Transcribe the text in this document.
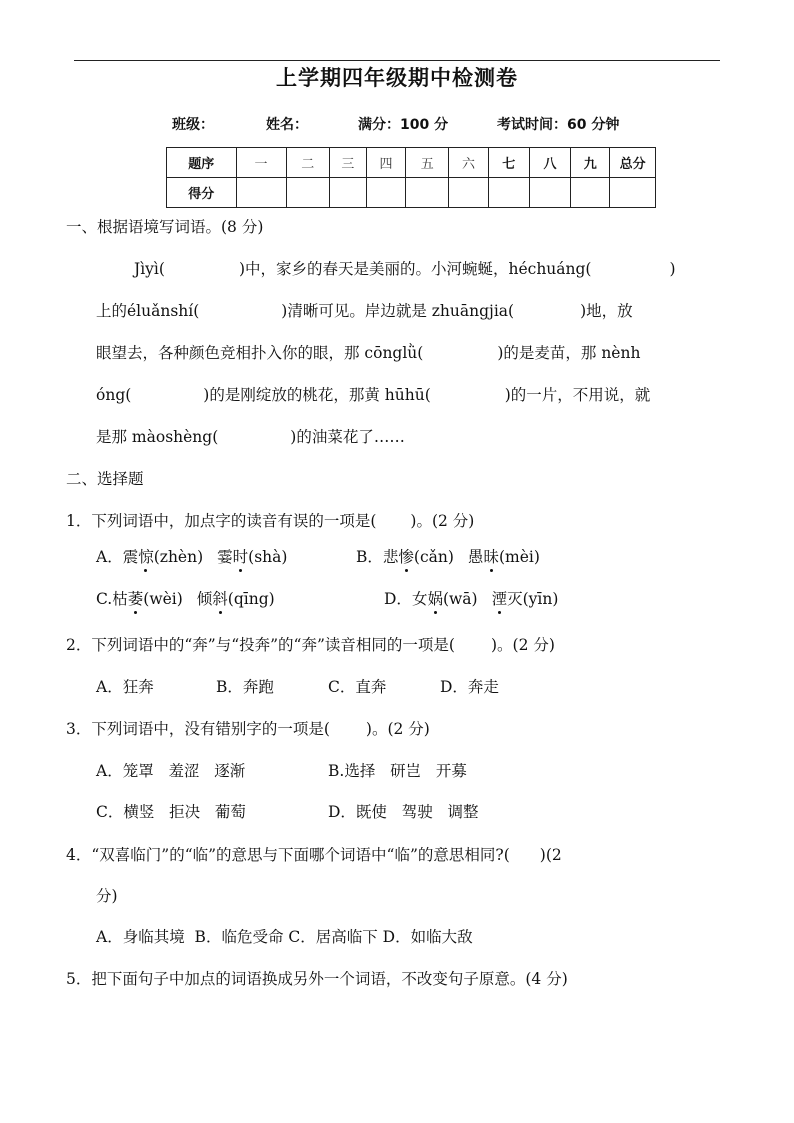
上学期四年级期中检测卷
班级：	姓名：	满分：100 分	考试时间：60 分钟
题序	一	二	三	四	五	六	七	八	九	总分
得分										
一、根据语境写词语。(8 分)
Jìyì(	)中，家乡的春天是美丽的。小河蜿蜒，héchuáng(	)
上的éluǎnshí(	)清晰可见。岸边就是 zhuāngjia(	)地，放
眼望去，各种颜色竞相扑入你的眼，那 cōnglǜ(	)的是麦苗，那 nènh
óng(	)的是刚绽放的桃花，那黄 hūhū(	)的一片，不用说，就
是那 màoshèng(	)的油菜花了……
二、选择题
1．下列词语中，加点字的读音有误的一项是( )。(2 分)
A．震惊(zhèn) 霎时(shà)	B．悲惨(cǎn) 愚昧(mèi)
C.枯萎(wèi) 倾斜(qīng)	D．女娲(wā) 湮灭(yīn)
2．下列词语中的“奔”与“投奔”的“奔”读音相同的一项是( )。(2 分)
A．狂奔	B．奔跑	C．直奔	D．奔走
3．下列词语中，没有错别字的一项是( )。(2 分)
A．笼罩   羞涩   逐渐	B.选择   研岂   开募
C．横竖   拒决   葡萄	D．既使   驾驶   调整
4．“双喜临门”的“临”的意思与下面哪个词语中“临”的意思相同?( )(2
分)
A．身临其境  B．临危受命 C．居高临下 D．如临大敌
5．把下面句子中加点的词语换成另外一个词语，不改变句子原意。(4 分)
